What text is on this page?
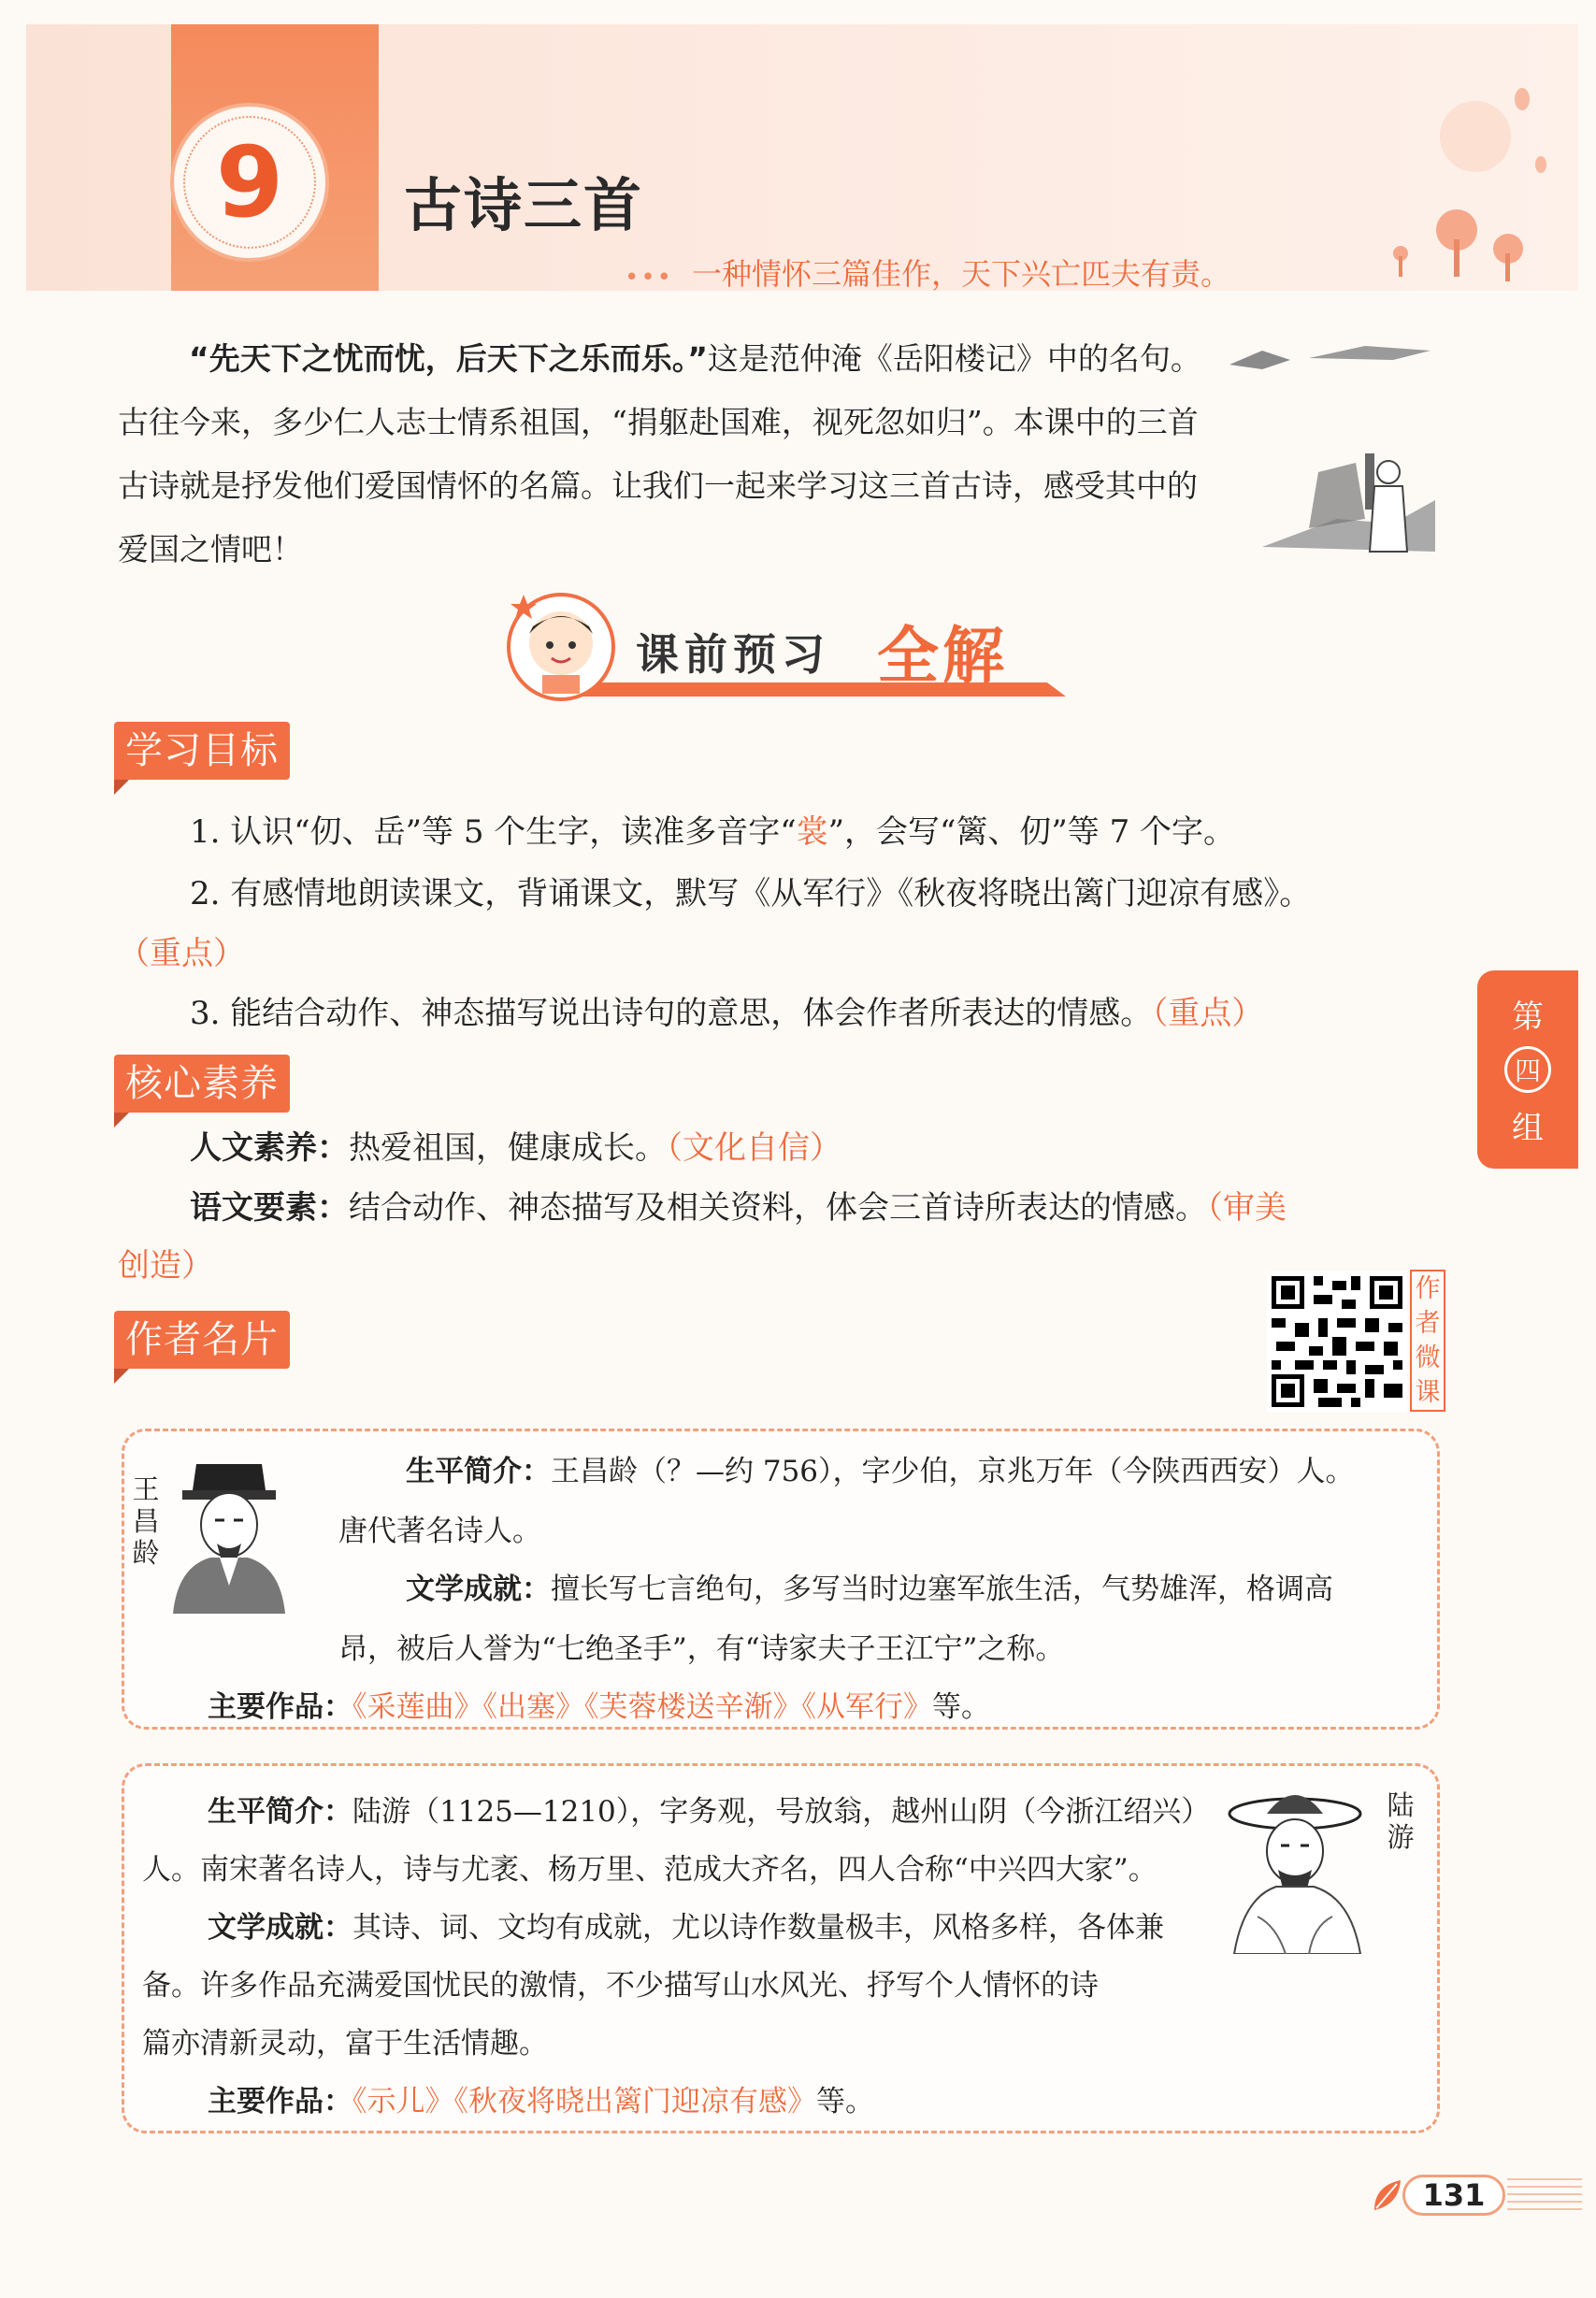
9 古诗三首
••• 一种情怀三篇佳作，天下兴亡匹夫有责。
“先天下之忧而忧，后天下之乐而乐。”这是范仲淹《岳阳楼记》中的名句。古往今来，多少仁人志士情系祖国，“捐躯赴国难，视死忽如归”。本课中的三首古诗就是抒发他们爱国情怀的名篇。让我们一起来学习这三首古诗，感受其中的爱国之情吧！
课前预习 全解
学习目标
1. 认识“仞、岳”等 5 个生字，读准多音字“裳”，会写“篱、仞”等 7 个字。
2. 有感情地朗读课文，背诵课文，默写《从军行》《秋夜将晓出篱门迎凉有感》。
（重点）
3. 能结合动作、神态描写说出诗句的意思，体会作者所表达的情感。（重点）
核心素养
人文素养：热爱祖国，健康成长。（文化自信）
语文要素：结合动作、神态描写及相关资料，体会三首诗所表达的情感。（审美
创造）
第
四
组
作者名片
作者微课
王昌龄
生平简介：王昌龄（？—约 756），字少伯，京兆万年（今陕西西安）人。
唐代著名诗人。
文学成就：擅长写七言绝句，多写当时边塞军旅生活，气势雄浑，格调高
昂，被后人誉为“七绝圣手”，有“诗家夫子王江宁”之称。
主要作品：《采莲曲》《出塞》《芙蓉楼送辛渐》《从军行》等。
生平简介：陆游（1125—1210），字务观，号放翁，越州山阴（今浙江绍兴）
人。南宋著名诗人，诗与尤袤、杨万里、范成大齐名，四人合称“中兴四大家”。
文学成就：其诗、词、文均有成就，尤以诗作数量极丰，风格多样，各体兼
备。许多作品充满爱国忧民的激情，不少描写山水风光、抒写个人情怀的诗
篇亦清新灵动，富于生活情趣。
主要作品：《示儿》《秋夜将晓出篱门迎凉有感》等。
陆游
131
